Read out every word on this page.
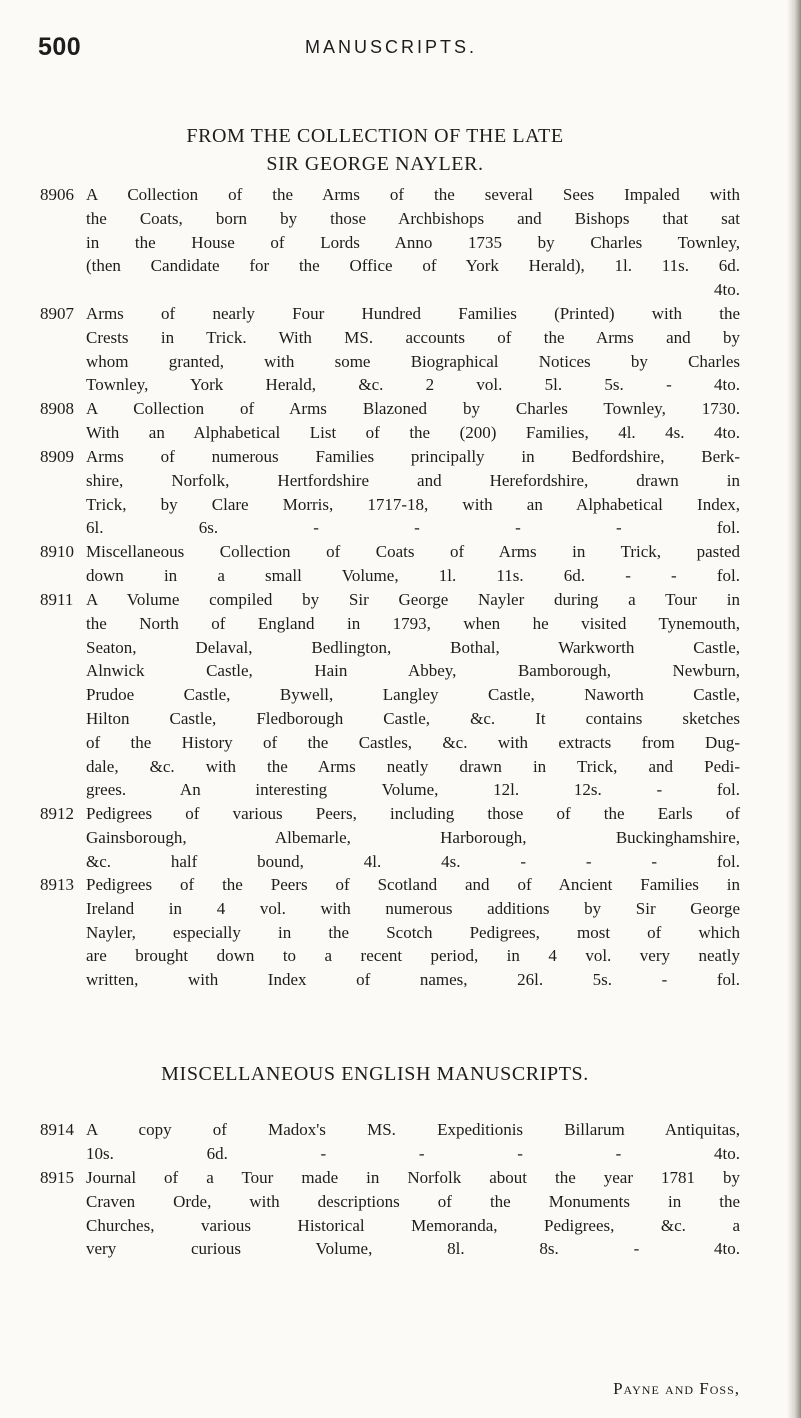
500	MANUSCRIPTS.
FROM THE COLLECTION OF THE LATE
SIR GEORGE NAYLER.
8906 A Collection of the Arms of the several Sees Impaled with
the Coats, born by those Archbishops and Bishops that sat
in the House of Lords Anno 1735 by Charles Townley,
(then Candidate for the Office of York Herald), 1l. 11s. 6d.
4to.
8907 Arms of nearly Four Hundred Families (Printed) with the
Crests in Trick. With MS. accounts of the Arms and by
whom granted, with some Biographical Notices by Charles
Townley, York Herald, &c. 2 vol. 5l. 5s. - 4to.
8908 A Collection of Arms Blazoned by Charles Townley, 1730.
With an Alphabetical List of the (200) Families, 4l. 4s. 4to.
8909 Arms of numerous Families principally in Bedfordshire, Berk-
shire, Norfolk, Hertfordshire and Herefordshire, drawn in
Trick, by Clare Morris, 1717-18, with an Alphabetical Index,
6l. 6s. - - - - fol.
8910 Miscellaneous Collection of Coats of Arms in Trick, pasted
down in a small Volume, 1l. 11s. 6d. - - fol.
8911 A Volume compiled by Sir George Nayler during a Tour in
the North of England in 1793, when he visited Tynemouth,
Seaton, Delaval, Bedlington, Bothal, Warkworth Castle,
Alnwick Castle, Hain Abbey, Bamborough, Newburn,
Prudoe Castle, Bywell, Langley Castle, Naworth Castle,
Hilton Castle, Fledborough Castle, &c. It contains sketches
of the History of the Castles, &c. with extracts from Dug-
dale, &c. with the Arms neatly drawn in Trick, and Pedi-
grees. An interesting Volume, 12l. 12s. - fol.
8912 Pedigrees of various Peers, including those of the Earls of
Gainsborough, Albemarle, Harborough, Buckinghamshire,
&c. half bound, 4l. 4s. - - - fol.
8913 Pedigrees of the Peers of Scotland and of Ancient Families in
Ireland in 4 vol. with numerous additions by Sir George
Nayler, especially in the Scotch Pedigrees, most of which
are brought down to a recent period, in 4 vol. very neatly
written, with Index of names, 26l. 5s. - fol.
MISCELLANEOUS ENGLISH MANUSCRIPTS.
8914 A copy of Madox's MS. Expeditionis Billarum Antiquitas,
10s. 6d. - - - - 4to.
8915 Journal of a Tour made in Norfolk about the year 1781 by
Craven Orde, with descriptions of the Monuments in the
Churches, various Historical Memoranda, Pedigrees, &c. a
very curious Volume, 8l. 8s. - 4to.
Payne and Foss,
